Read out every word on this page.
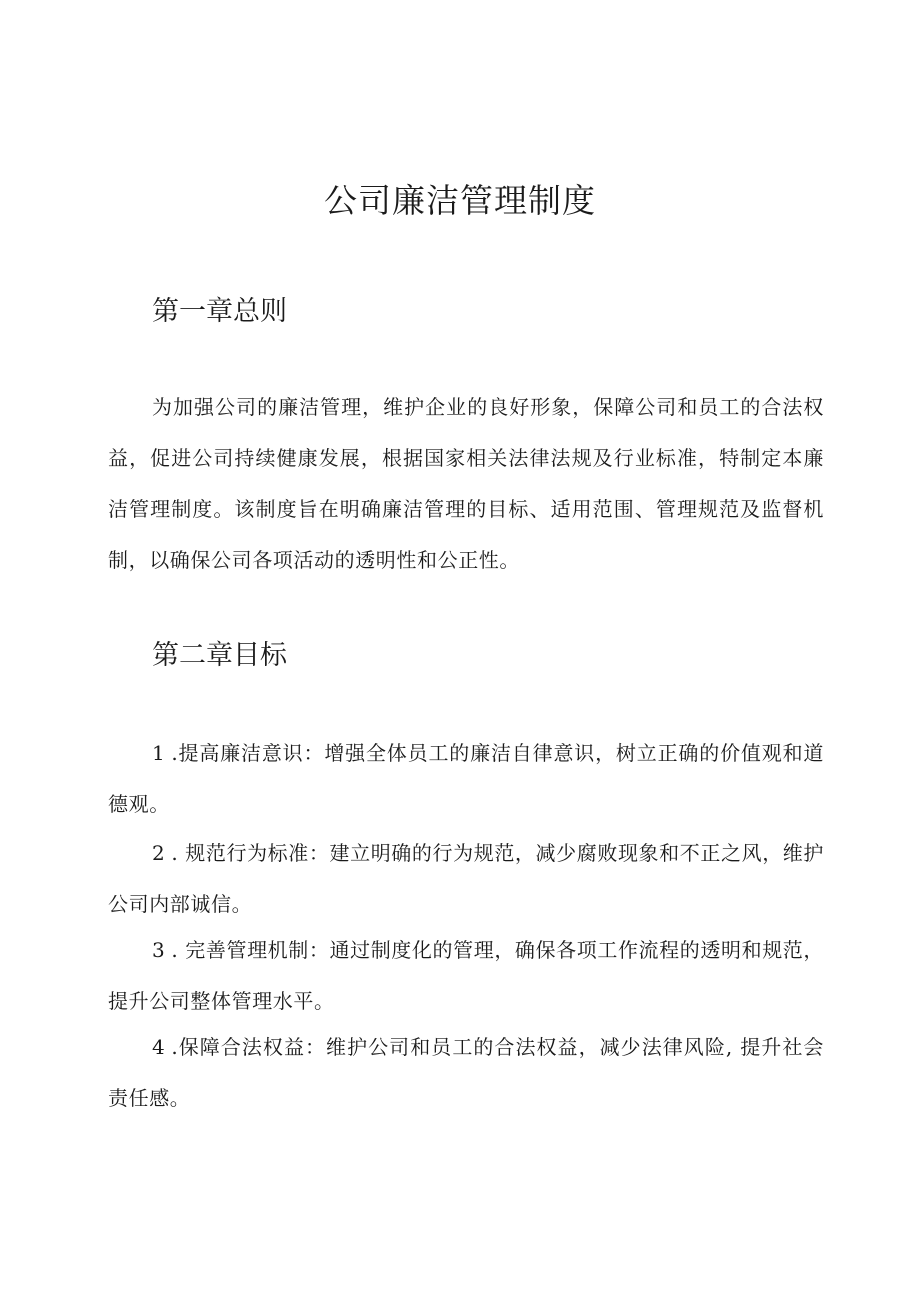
公司廉洁管理制度
第一章总则

为加强公司的廉洁管理，维护企业的良好形象，保障公司和员工的合法权益，促进公司持续健康发展，根据国家相关法律法规及行业标准，特制定本廉洁管理制度。该制度旨在明确廉洁管理的目标、适用范围、管理规范及监督机制，以确保公司各项活动的透明性和公正性。

第二章目标

1 .提高廉洁意识：增强全体员工的廉洁自律意识，树立正确的价值观和道德观。

2 . 规范行为标准：建立明确的行为规范，减少腐败现象和不正之风，维护公司内部诚信。

3 . 完善管理机制：通过制度化的管理，确保各项工作流程的透明和规范，提升公司整体管理水平。

4 .保障合法权益：维护公司和员工的合法权益，减少法律风险, 提升社会责任感。
